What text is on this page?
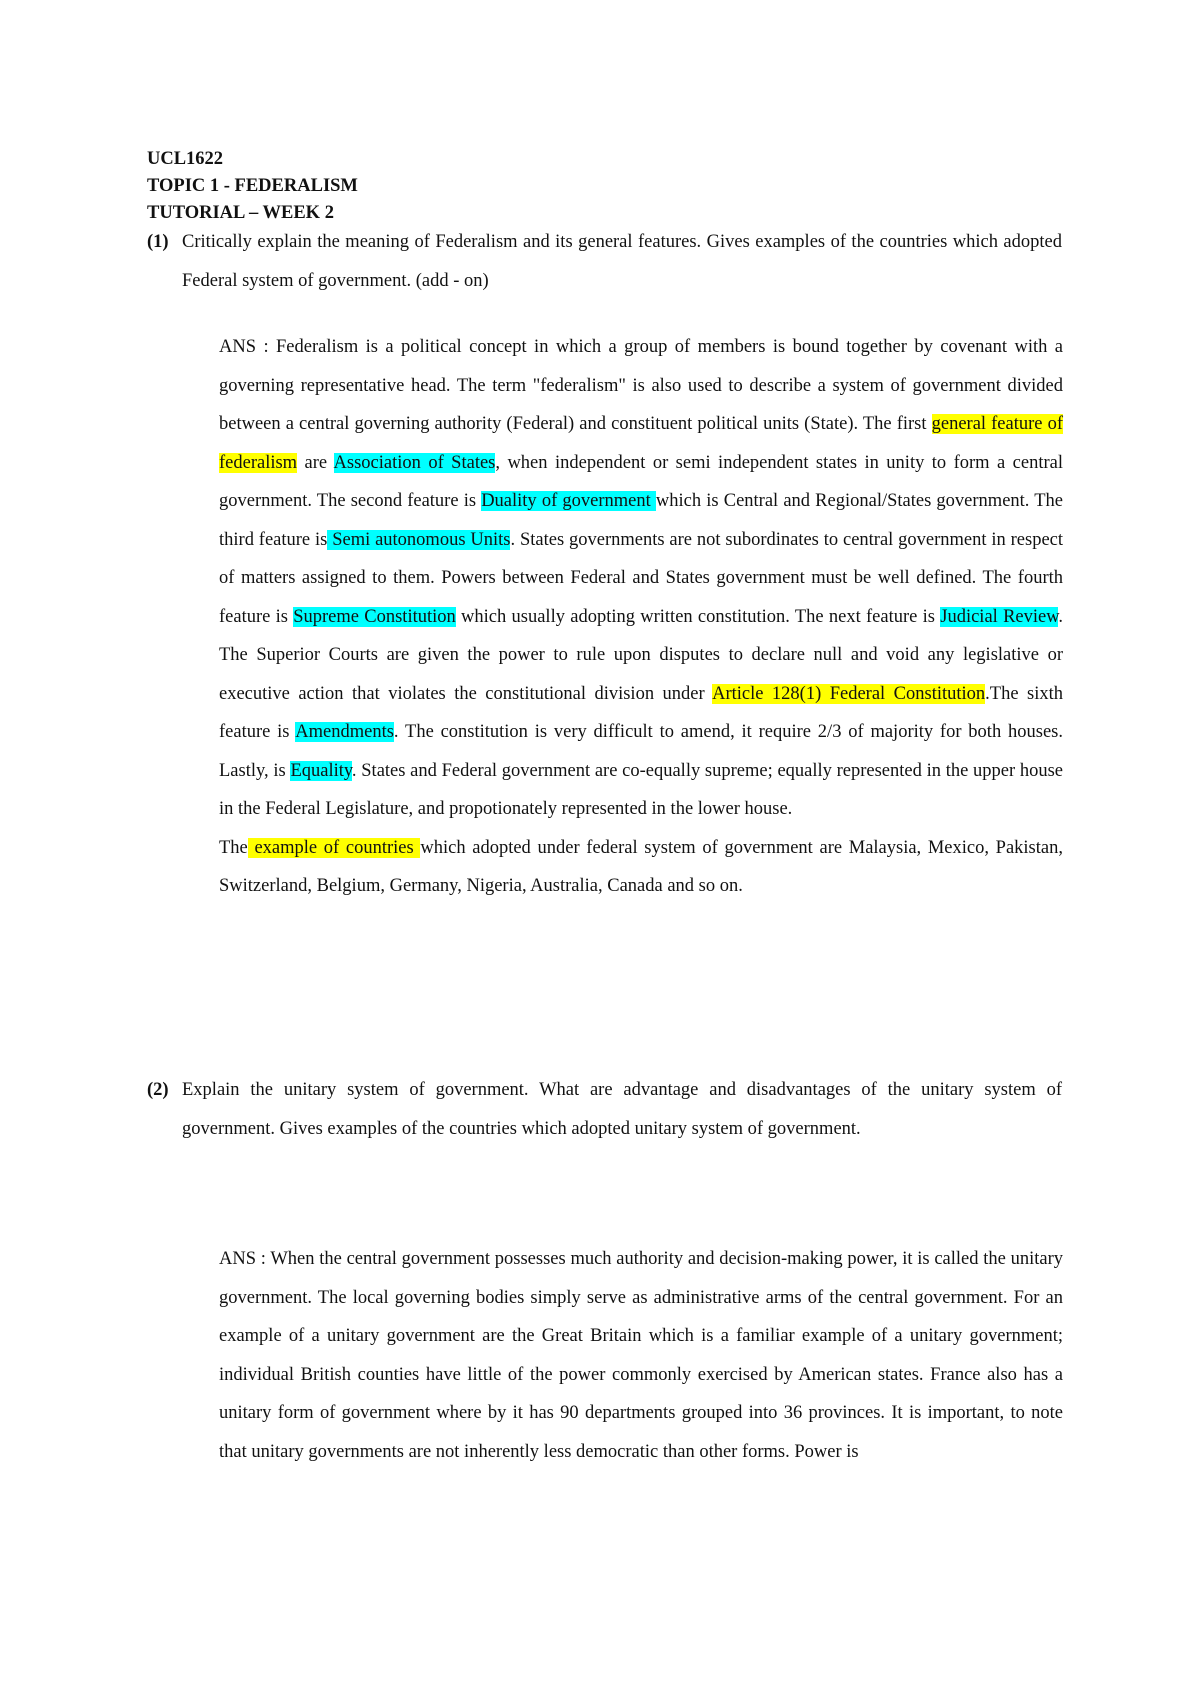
UCL1622
TOPIC 1 - FEDERALISM
TUTORIAL – WEEK 2
(1) Critically explain the meaning of Federalism and its general features. Gives examples of the countries which adopted Federal system of government. (add - on)

ANS : Federalism is a political concept in which a group of members is bound together by covenant with a governing representative head. The term "federalism" is also used to describe a system of government divided between a central governing authority (Federal) and constituent political units (State). The first general feature of federalism are Association of States, when independent or semi independent states in unity to form a central government. The second feature is Duality of government which is Central and Regional/States government. The third feature is Semi autonomous Units. States governments are not subordinates to central government in respect of matters assigned to them. Powers between Federal and States government must be well defined. The fourth feature is Supreme Constitution which usually adopting written constitution. The next feature is Judicial Review. The Superior Courts are given the power to rule upon disputes to declare null and void any legislative or executive action that violates the constitutional division under Article 128(1) Federal Constitution.The sixth feature is Amendments. The constitution is very difficult to amend, it require 2/3 of majority for both houses. Lastly, is Equality. States and Federal government are co-equally supreme; equally represented in the upper house in the Federal Legislature, and propotionately represented in the lower house.

The example of countries which adopted under federal system of government are Malaysia, Mexico, Pakistan, Switzerland, Belgium, Germany, Nigeria, Australia, Canada and so on.

(2) Explain the unitary system of government. What are advantage and disadvantages of the unitary system of government. Gives examples of the countries which adopted unitary system of government.

ANS : When the central government possesses much authority and decision-making power, it is called the unitary government. The local governing bodies simply serve as administrative arms of the central government. For an example of a unitary government are the Great Britain which is a familiar example of a unitary government; individual British counties have little of the power commonly exercised by American states. France also has a unitary form of government where by it has 90 departments grouped into 36 provinces. It is important, to note that unitary governments are not inherently less democratic than other forms. Power is
